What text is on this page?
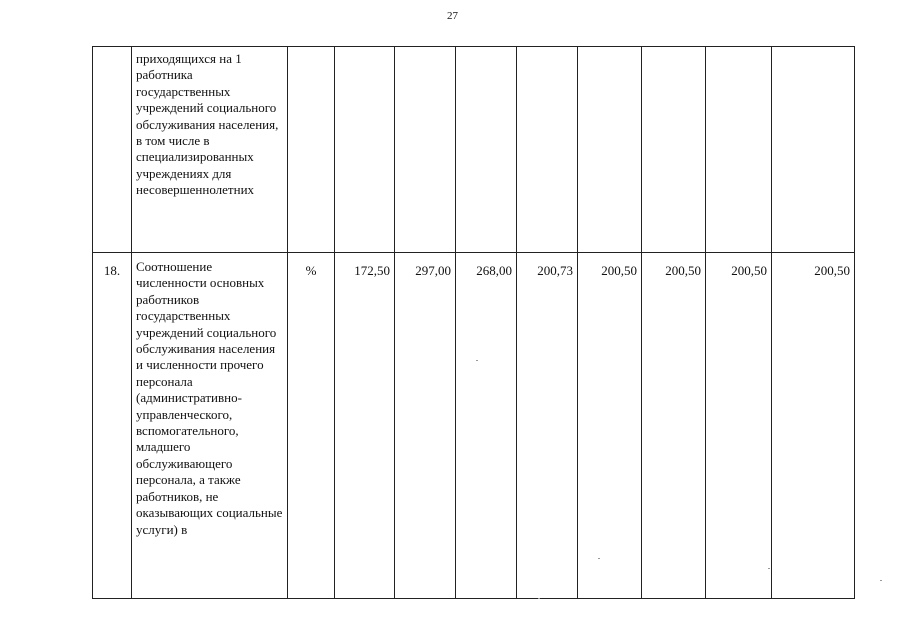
27
	приходящихся на 1 работника государственных учреждений социального обслуживания населения, в том числе в специализированных учреждениях для несовершеннолетних									
18.	Соотношение численности основных работников государственных учреждений социального обслуживания населения и численности прочего персонала (административно-управленческого, вспомогательного, младшего обслуживающего персонала, а также работников, не оказывающих социальные услуги) в	%	172,50	297,00	268,00	200,73	200,50	200,50	200,50	200,50
